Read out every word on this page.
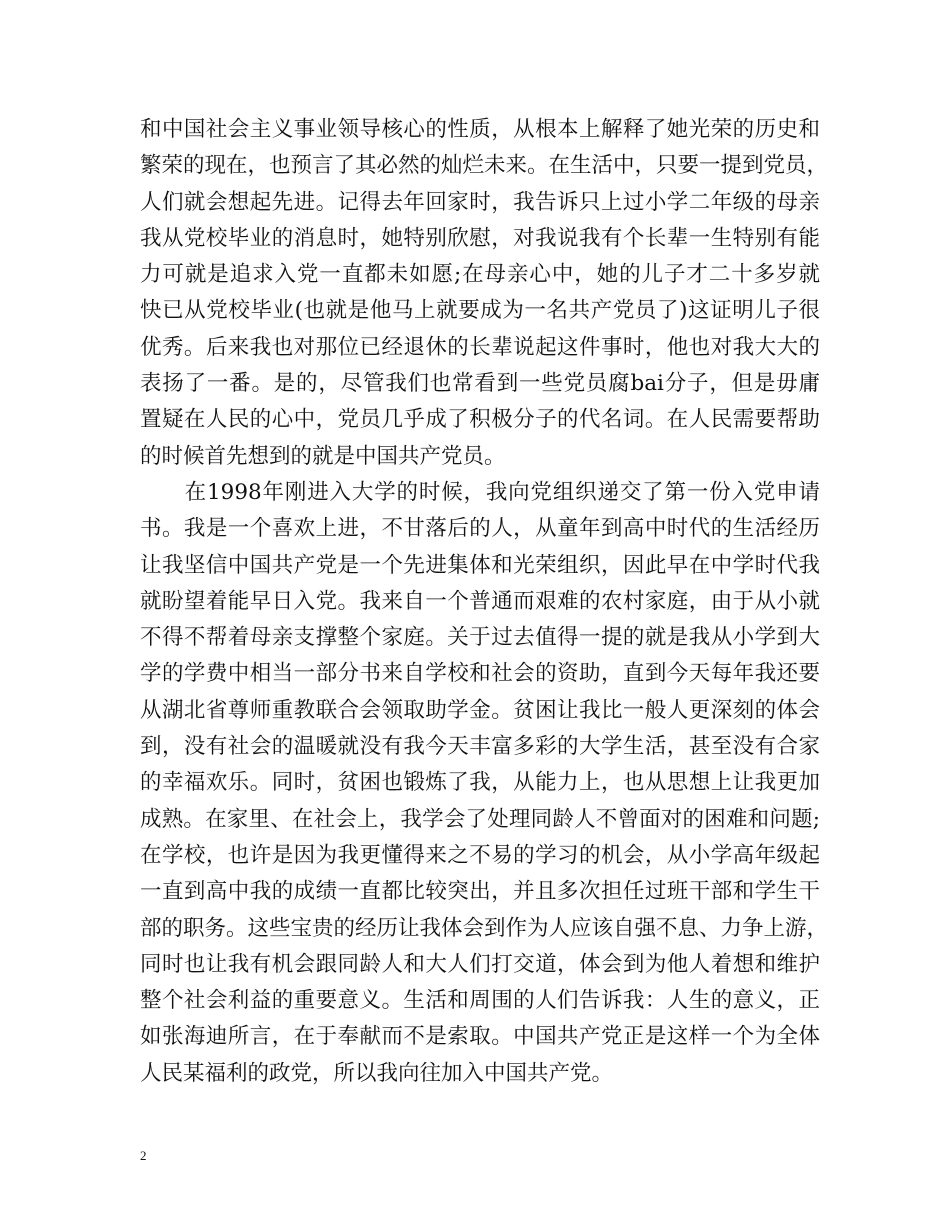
和中国社会主义事业领导核心的性质，从根本上解释了她光荣的历史和
繁荣的现在，也预言了其必然的灿烂未来。在生活中，只要一提到党员，
人们就会想起先进。记得去年回家时，我告诉只上过小学二年级的母亲
我从党校毕业的消息时，她特别欣慰，对我说我有个长辈一生特别有能
力可就是追求入党一直都未如愿;在母亲心中，她的儿子才二十多岁就
快已从党校毕业(也就是他马上就要成为一名共产党员了)这证明儿子很
优秀。后来我也对那位已经退休的长辈说起这件事时，他也对我大大的
表扬了一番。是的，尽管我们也常看到一些党员腐bai分子，但是毋庸
置疑在人民的心中，党员几乎成了积极分子的代名词。在人民需要帮助
的时候首先想到的就是中国共产党员。
　　在1998年刚进入大学的时候，我向党组织递交了第一份入党申请
书。我是一个喜欢上进，不甘落后的人，从童年到高中时代的生活经历
让我坚信中国共产党是一个先进集体和光荣组织，因此早在中学时代我
就盼望着能早日入党。我来自一个普通而艰难的农村家庭，由于从小就
不得不帮着母亲支撑整个家庭。关于过去值得一提的就是我从小学到大
学的学费中相当一部分书来自学校和社会的资助，直到今天每年我还要
从湖北省尊师重教联合会领取助学金。贫困让我比一般人更深刻的体会
到，没有社会的温暖就没有我今天丰富多彩的大学生活，甚至没有合家
的幸福欢乐。同时，贫困也锻炼了我，从能力上，也从思想上让我更加
成熟。在家里、在社会上，我学会了处理同龄人不曾面对的困难和问题;
在学校，也许是因为我更懂得来之不易的学习的机会，从小学高年级起
一直到高中我的成绩一直都比较突出，并且多次担任过班干部和学生干
部的职务。这些宝贵的经历让我体会到作为人应该自强不息、力争上游，
同时也让我有机会跟同龄人和大人们打交道，体会到为他人着想和维护
整个社会利益的重要意义。生活和周围的人们告诉我：人生的意义，正
如张海迪所言，在于奉献而不是索取。中国共产党正是这样一个为全体
人民某福利的政党，所以我向往加入中国共产党。
2
